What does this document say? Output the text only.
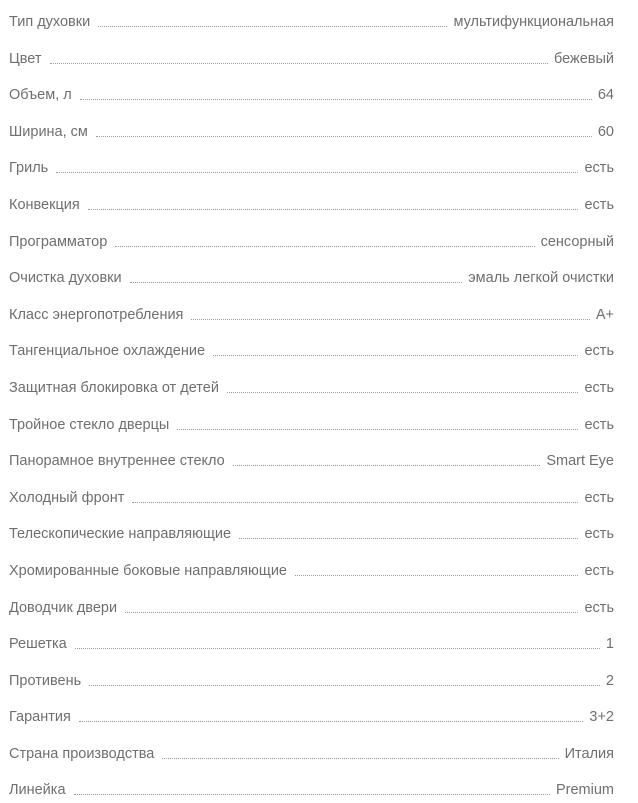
Тип духовки	мультифункциональная
Цвет	бежевый
Объем, л	64
Ширина, см	60
Гриль	есть
Конвекция	есть
Программатор	сенсорный
Очистка духовки	эмаль легкой очистки
Класс энергопотребления	A+
Тангенциальное охлаждение	есть
Защитная блокировка от детей	есть
Тройное стекло дверцы	есть
Панорамное внутреннее стекло	Smart Eye
Холодный фронт	есть
Телескопические направляющие	есть
Хромированные боковые направляющие	есть
Доводчик двери	есть
Решетка	1
Противень	2
Гарантия	3+2
Страна производства	Италия
Линейка	Premium
